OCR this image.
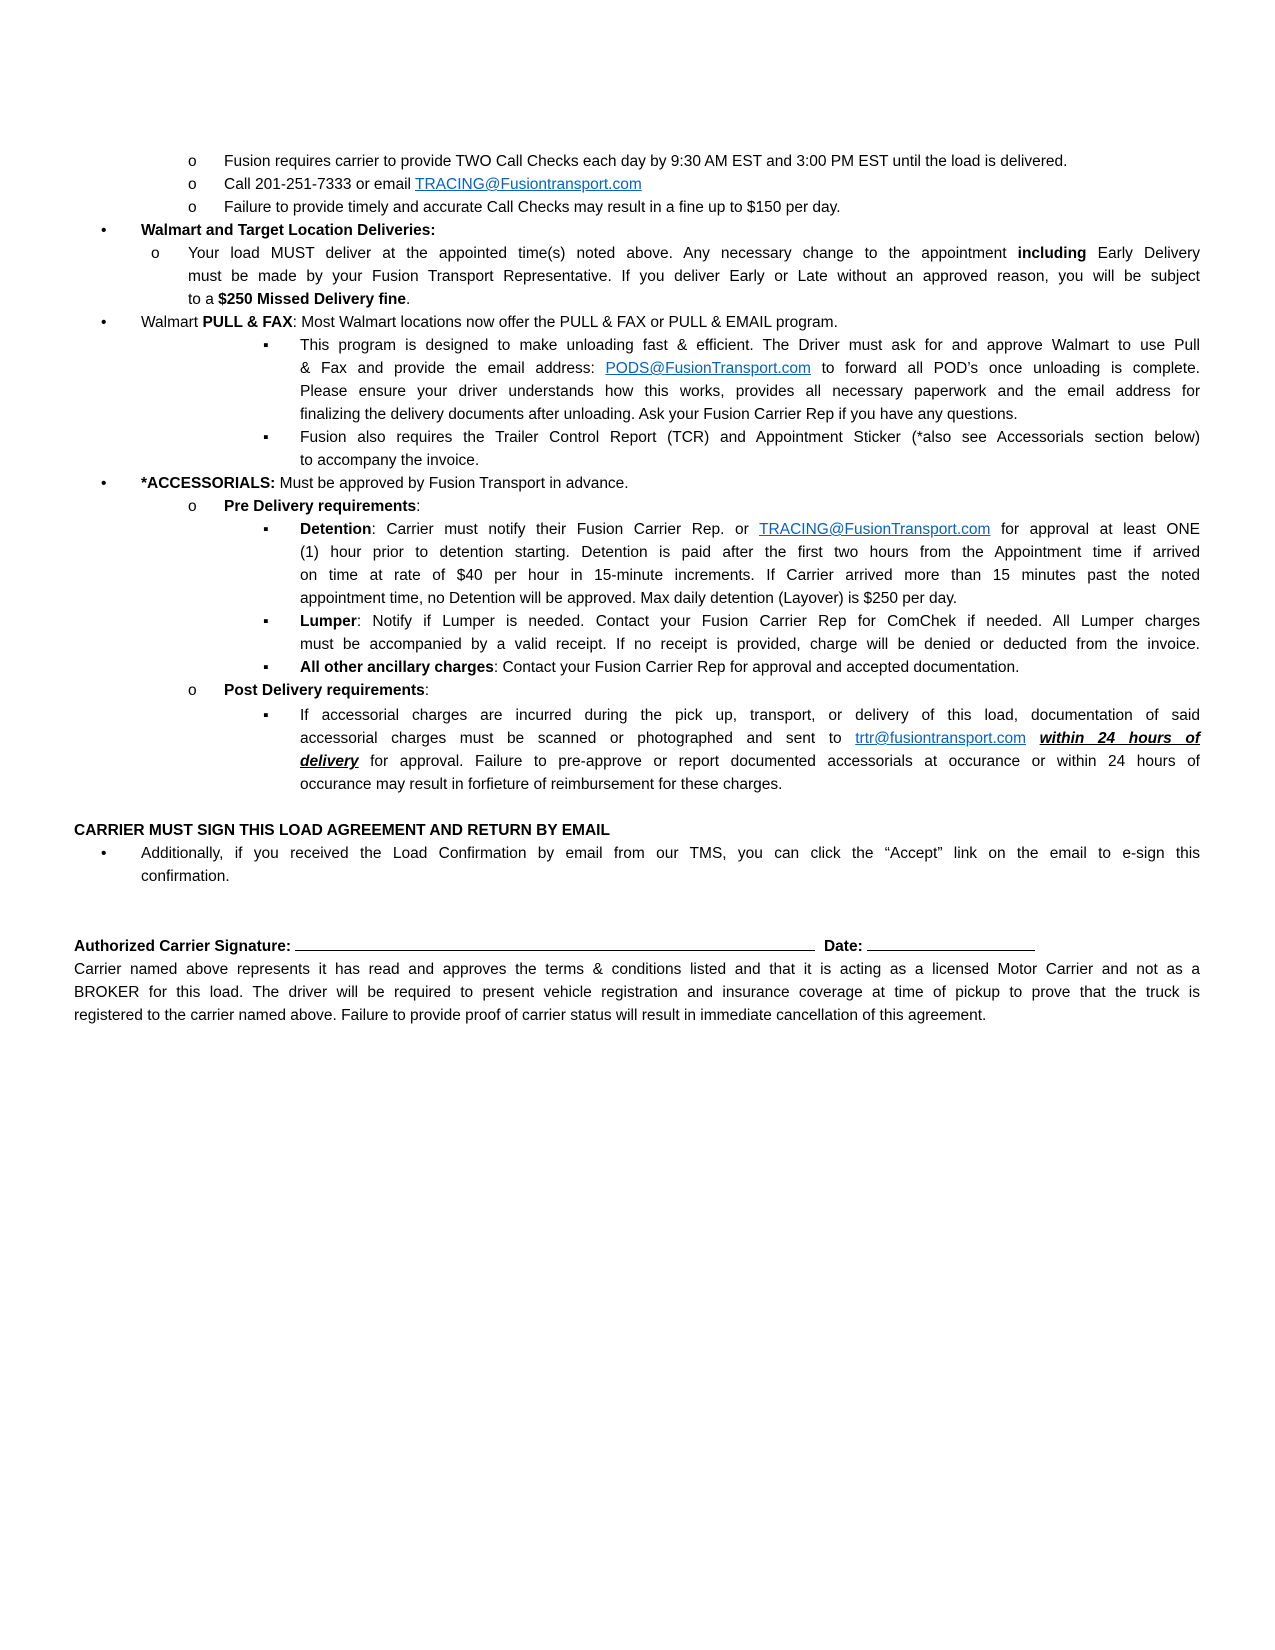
o Fusion requires carrier to provide TWO Call Checks each day by 9:30 AM EST and 3:00 PM EST until the load is delivered.
o Call 201-251-7333 or email TRACING@Fusiontransport.com
o Failure to provide timely and accurate Call Checks may result in a fine up to $150 per day.
• Walmart and Target Location Deliveries:
o Your load MUST deliver at the appointed time(s) noted above. Any necessary change to the appointment including Early Delivery
must be made by your Fusion Transport Representative. If you deliver Early or Late without an approved reason, you will be subject
to a $250 Missed Delivery fine.
• Walmart PULL & FAX: Most Walmart locations now offer the PULL & FAX or PULL & EMAIL program.
▪ This program is designed to make unloading fast & efficient. The Driver must ask for and approve Walmart to use Pull
& Fax and provide the email address: PODS@FusionTransport.com to forward all POD’s once unloading is complete.
Please ensure your driver understands how this works, provides all necessary paperwork and the email address for
finalizing the delivery documents after unloading. Ask your Fusion Carrier Rep if you have any questions.
▪ Fusion also requires the Trailer Control Report (TCR) and Appointment Sticker (*also see Accessorials section below)
to accompany the invoice.
• *ACCESSORIALS: Must be approved by Fusion Transport in advance.
o Pre Delivery requirements:
▪ Detention: Carrier must notify their Fusion Carrier Rep. or TRACING@FusionTransport.com for approval at least ONE
(1) hour prior to detention starting. Detention is paid after the first two hours from the Appointment time if arrived
on time at rate of $40 per hour in 15-minute increments. If Carrier arrived more than 15 minutes past the noted
appointment time, no Detention will be approved. Max daily detention (Layover) is $250 per day.
▪ Lumper: Notify if Lumper is needed. Contact your Fusion Carrier Rep for ComChek if needed. All Lumper charges
must be accompanied by a valid receipt. If no receipt is provided, charge will be denied or deducted from the invoice.
▪ All other ancillary charges: Contact your Fusion Carrier Rep for approval and accepted documentation.
o Post Delivery requirements:
▪ If accessorial charges are incurred during the pick up, transport, or delivery of this load, documentation of said
accessorial charges must be scanned or photographed and sent to trtr@fusiontransport.com within 24 hours of
delivery for approval. Failure to pre-approve or report documented accessorials at occurance or within 24 hours of
occurance may result in forfieture of reimbursement for these charges.
CARRIER MUST SIGN THIS LOAD AGREEMENT AND RETURN BY EMAIL
• Additionally, if you received the Load Confirmation by email from our TMS, you can click the “Accept” link on the email to e-sign this
confirmation.
Authorized Carrier Signature:	Date:
Carrier named above represents it has read and approves the terms & conditions listed and that it is acting as a licensed Motor Carrier and not as a
BROKER for this load. The driver will be required to present vehicle registration and insurance coverage at time of pickup to prove that the truck is
registered to the carrier named above. Failure to provide proof of carrier status will result in immediate cancellation of this agreement.
